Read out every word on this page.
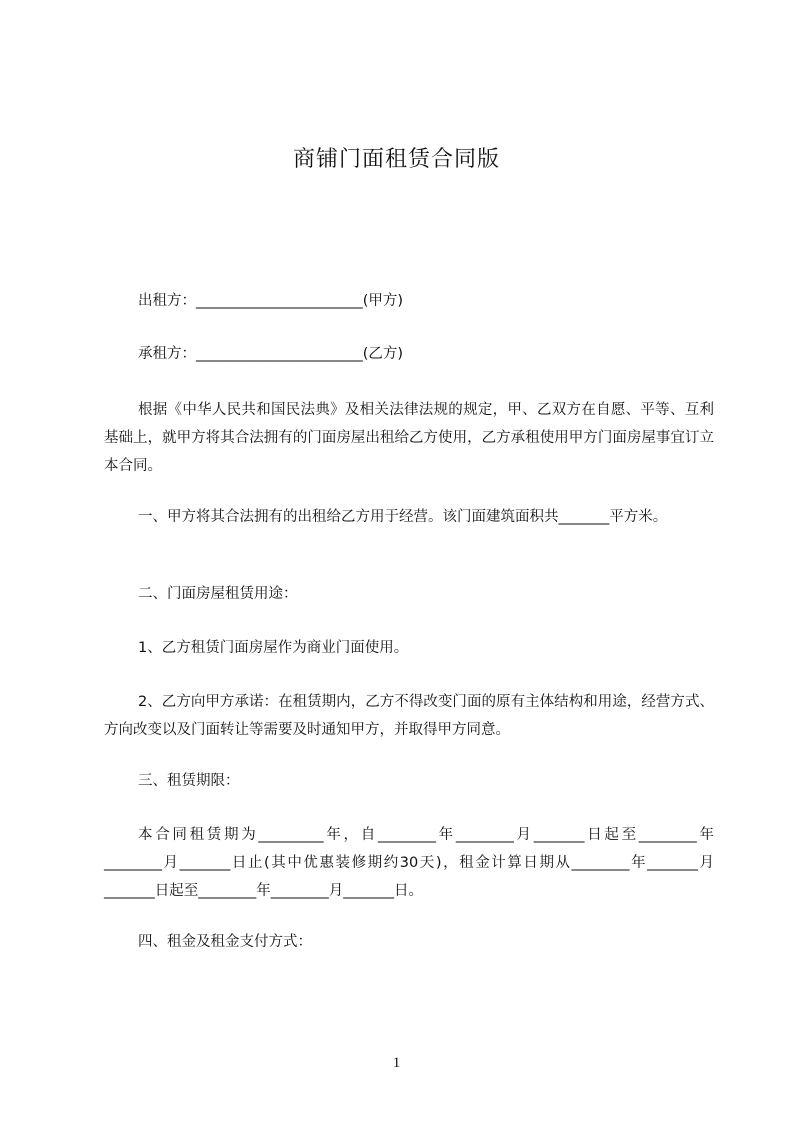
商铺门面租赁合同版
出租方：_______________________(甲方)
承租方：_______________________(乙方)
根据《中华人民共和国民法典》及相关法律法规的规定，甲、乙双方在自愿、平等、互利基础上，就甲方将其合法拥有的门面房屋出租给乙方使用，乙方承租使用甲方门面房屋事宜订立本合同。
一、甲方将其合法拥有的出租给乙方用于经营。该门面建筑面积共_______平方米。
二、门面房屋租赁用途：
1、乙方租赁门面房屋作为商业门面使用。
2、乙方向甲方承诺：在租赁期内，乙方不得改变门面的原有主体结构和用途，经营方式、方向改变以及门面转让等需要及时通知甲方，并取得甲方同意。
三、租赁期限：
本合同租赁期为_________年，自________年________月_______日起至________年________月_______日止(其中优惠装修期约30天)，租金计算日期从________年_______月_______日起至________年________月_______日。
四、租金及租金支付方式：
1
